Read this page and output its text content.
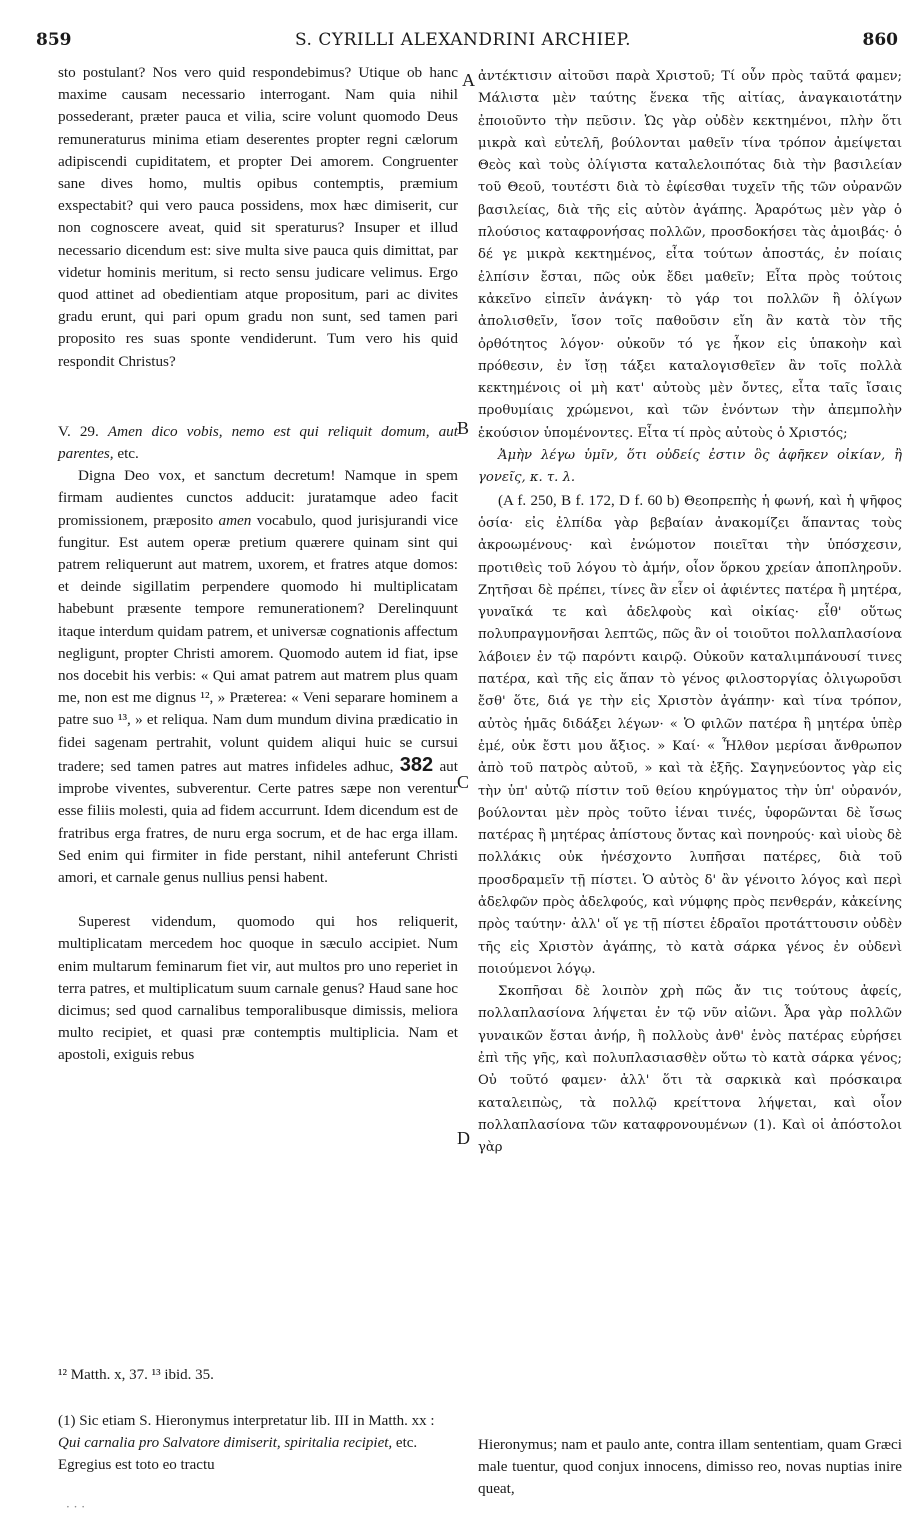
859	S. CYRILLI ALEXANDRINI ARCHIEP.	860
A
B
C
D

sto postulant? Nos vero quid respondebimus? Utique ob hanc maxime causam necessario interrogant. Nam quia nihil possederant, præter pauca et vilia, scire volunt quomodo Deus remuneraturus minima etiam deserentes propter regni cælorum adipiscendi cupiditatem, et propter Dei amorem. Congruenter sane dives homo, multis opibus contemptis, præmium exspectabit? qui vero pauca possidens, mox hæc dimiserit, cur non cognoscere aveat, quid sit speraturus? Insuper et illud necessario dicendum est: sive multa sive pauca quis dimittat, par videtur hominis meritum, si recto sensu judicare velimus. Ergo quod attinet ad obedientiam atque propositum, pari ac divites gradu erunt, qui pari opum gradu non sunt, sed tamen pari proposito res suas sponte vendiderunt. Tum vero his quid respondit Christus?

V. 29. Amen dico vobis, nemo est qui reliquit domum, aut parentes, etc.

Digna Deo vox, et sanctum decretum! Namque in spem firmam audientes cunctos adducit: juratamque adeo facit promissionem, præposito amen vocabulo, quod jurisjurandi vice fungitur. Est autem operæ pretium quærere quinam sint qui patrem reliquerunt aut matrem, uxorem, et fratres atque domos: et deinde sigillatim perpendere quomodo hi multiplicatam habebunt præsente tempore remunerationem? Derelinquunt itaque interdum quidam patrem, et universæ cognationis affectum negligunt, propter Christi amorem. Quomodo autem id fiat, ipse nos docebit his verbis: « Qui amat patrem aut matrem plus quam me, non est me dignus ¹², » Præterea: « Veni separare hominem a patre suo ¹³, » et reliqua. Nam dum mundum divina prædicatio in fidei sagenam pertrahit, volunt quidem aliqui huic se cursui tradere; sed tamen patres aut matres infideles adhuc, 382 aut improbe viventes, subverentur. Certe patres sæpe non verentur esse filiis molesti, quia ad fidem accurrunt. Idem dicendum est de fratribus erga fratres, de nuru erga socrum, et de hac erga illam. Sed enim qui firmiter in fide perstant, nihil anteferunt Christi amori, et carnale genus nullius pensi habent.

Superest videndum, quomodo qui hos reliquerit, multiplicatam mercedem hoc quoque in sæculo accipiet. Num enim multarum feminarum fiet vir, aut multos pro uno reperiet in terra patres, et multiplicatum suum carnale genus? Haud sane hoc dicimus; sed quod carnalibus temporalibusque dimissis, meliora multo recipiet, et quasi præ contemptis multiplicia. Nam et apostoli, exiguis rebus

¹² Matth. x, 37. ¹³ ibid. 35.
(1) Sic etiam S. Hieronymus interpretatur lib. III in Matth. xx : Qui carnalia pro Salvatore dimiserit, spiritalia recipiet, etc. Egregius est toto eo tractu

ἀντέκτισιν αἰτοῦσι παρὰ Χριστοῦ; Τί οὖν πρὸς ταῦτά φαμεν; Μάλιστα μὲν ταύτης ἕνεκα τῆς αἰτίας, ἀναγκαιοτάτην ἐποιοῦντο τὴν πεῦσιν. Ὡς γὰρ οὐδὲν κεκτημένοι, πλὴν ὅτι μικρὰ καὶ εὐτελῆ, βούλονται μαθεῖν τίνα τρόπον ἀμείψεται Θεὸς καὶ τοὺς ὀλίγιστα καταλελοιπότας διὰ τὴν βασιλείαν τοῦ Θεοῦ, τουτέστι διὰ τὸ ἐφίεσθαι τυχεῖν τῆς τῶν οὐρανῶν βασιλείας, διὰ τῆς εἰς αὐτὸν ἀγάπης. Ἀραρότως μὲν γὰρ ὁ πλούσιος καταφρονήσας πολλῶν, προσδοκήσει τὰς ἀμοιβάς· ὁ δέ γε μικρὰ κεκτημένος, εἶτα τούτων ἀποστάς, ἐν ποίαις ἐλπίσιν ἔσται, πῶς οὐκ ἔδει μαθεῖν; Εἶτα πρὸς τούτοις κἀκεῖνο εἰπεῖν ἀνάγκη· τὸ γάρ τοι πολλῶν ἢ ὀλίγων ἀπολισθεῖν, ἴσον τοῖς παθοῦσιν εἴη ἂν κατὰ τὸν τῆς ὀρθότητος λόγον· οὐκοῦν τό γε ἧκον εἰς ὑπακοὴν καὶ πρόθεσιν, ἐν ἴσῃ τάξει καταλογισθεῖεν ἂν τοῖς πολλὰ κεκτημένοις οἱ μὴ κατ' αὐτοὺς μὲν ὄντες, εἶτα ταῖς ἴσαις προθυμίαις χρώμενοι, καὶ τῶν ἐνόντων τὴν ἀπεμπολὴν ἑκούσιον ὑπομένοντες. Εἶτα τί πρὸς αὐτοὺς ὁ Χριστός;

Ἀμὴν λέγω ὑμῖν, ὅτι οὐδείς ἐστιν ὃς ἀφῆκεν οἰκίαν, ἢ γονεῖς, κ. τ. λ.

(A f. 250, B f. 172, D f. 60 b) Θεοπρεπὴς ἡ φωνή, καὶ ἡ ψῆφος ὁσία· εἰς ἐλπίδα γὰρ βεβαίαν ἀνακομίζει ἅπαντας τοὺς ἀκροωμένους· καὶ ἐνώμοτον ποιεῖται τὴν ὑπόσχεσιν, προτιθεὶς τοῦ λόγου τὸ ἀμήν, οἷον ὅρκου χρείαν ἀποπληροῦν. Ζητῆσαι δὲ πρέπει, τίνες ἂν εἶεν οἱ ἀφιέντες πατέρα ἢ μητέρα, γυναῖκά τε καὶ ἀδελφοὺς καὶ οἰκίας· εἶθ' οὕτως πολυπραγμονῆσαι λεπτῶς, πῶς ἂν οἱ τοιοῦτοι πολλαπλασίονα λάβοιεν ἐν τῷ παρόντι καιρῷ. Οὐκοῦν καταλιμπάνουσί τινες πατέρα, καὶ τῆς εἰς ἅπαν τὸ γένος φιλοστοργίας ὀλιγωροῦσι ἔσθ' ὅτε, διά γε τὴν εἰς Χριστὸν ἀγάπην· καὶ τίνα τρόπον, αὐτὸς ἡμᾶς διδάξει λέγων· « Ὁ φιλῶν πατέρα ἢ μητέρα ὑπὲρ ἐμέ, οὐκ ἔστι μου ἄξιος. » Καί· « Ἦλθον μερίσαι ἄνθρωπον ἀπὸ τοῦ πατρὸς αὐτοῦ, » καὶ τὰ ἑξῆς. Σαγηνεύοντος γὰρ εἰς τὴν ὑπ' αὐτῷ πίστιν τοῦ θείου κηρύγματος τὴν ὑπ' οὐρανόν, βούλονται μὲν πρὸς τοῦτο ἰέναι τινές, ὑφορῶνται δὲ ἴσως πατέρας ἢ μητέρας ἀπίστους ὄντας καὶ πονηρούς· καὶ υἱοὺς δὲ πολλάκις οὐκ ἠνέσχοντο λυπῆσαι πατέρες, διὰ τοῦ προσδραμεῖν τῇ πίστει. Ὁ αὐτὸς δ' ἂν γένοιτο λόγος καὶ περὶ ἀδελφῶν πρὸς ἀδελφούς, καὶ νύμφης πρὸς πενθεράν, κἀκείνης πρὸς ταύτην· ἀλλ' οἵ γε τῇ πίστει ἑδραῖοι προτάττουσιν οὐδὲν τῆς εἰς Χριστὸν ἀγάπης, τὸ κατὰ σάρκα γένος ἐν οὐδενὶ ποιούμενοι λόγῳ.

Σκοπῆσαι δὲ λοιπὸν χρὴ πῶς ἄν τις τούτους ἀφείς, πολλαπλασίονα λήψεται ἐν τῷ νῦν αἰῶνι. Ἆρα γὰρ πολλῶν γυναικῶν ἔσται ἀνήρ, ἢ πολλοὺς ἀνθ' ἑνὸς πατέρας εὑρήσει ἐπὶ τῆς γῆς, καὶ πολυπλασιασθὲν οὕτω τὸ κατὰ σάρκα γένος; Οὐ τοῦτό φαμεν· ἀλλ' ὅτι τὰ σαρκικὰ καὶ πρόσκαιρα καταλειπὼς, τὰ πολλῷ κρείττονα λήψεται, καὶ οἷον πολλαπλασίονα τῶν καταφρονουμένων (1). Καὶ οἱ ἀπόστολοι γὰρ

Hieronymus; nam et paulo ante, contra illam sententiam, quam Græci male tuentur, quod conjux innocens, dimisso reo, novas nuptias inire queat,
· · ·
